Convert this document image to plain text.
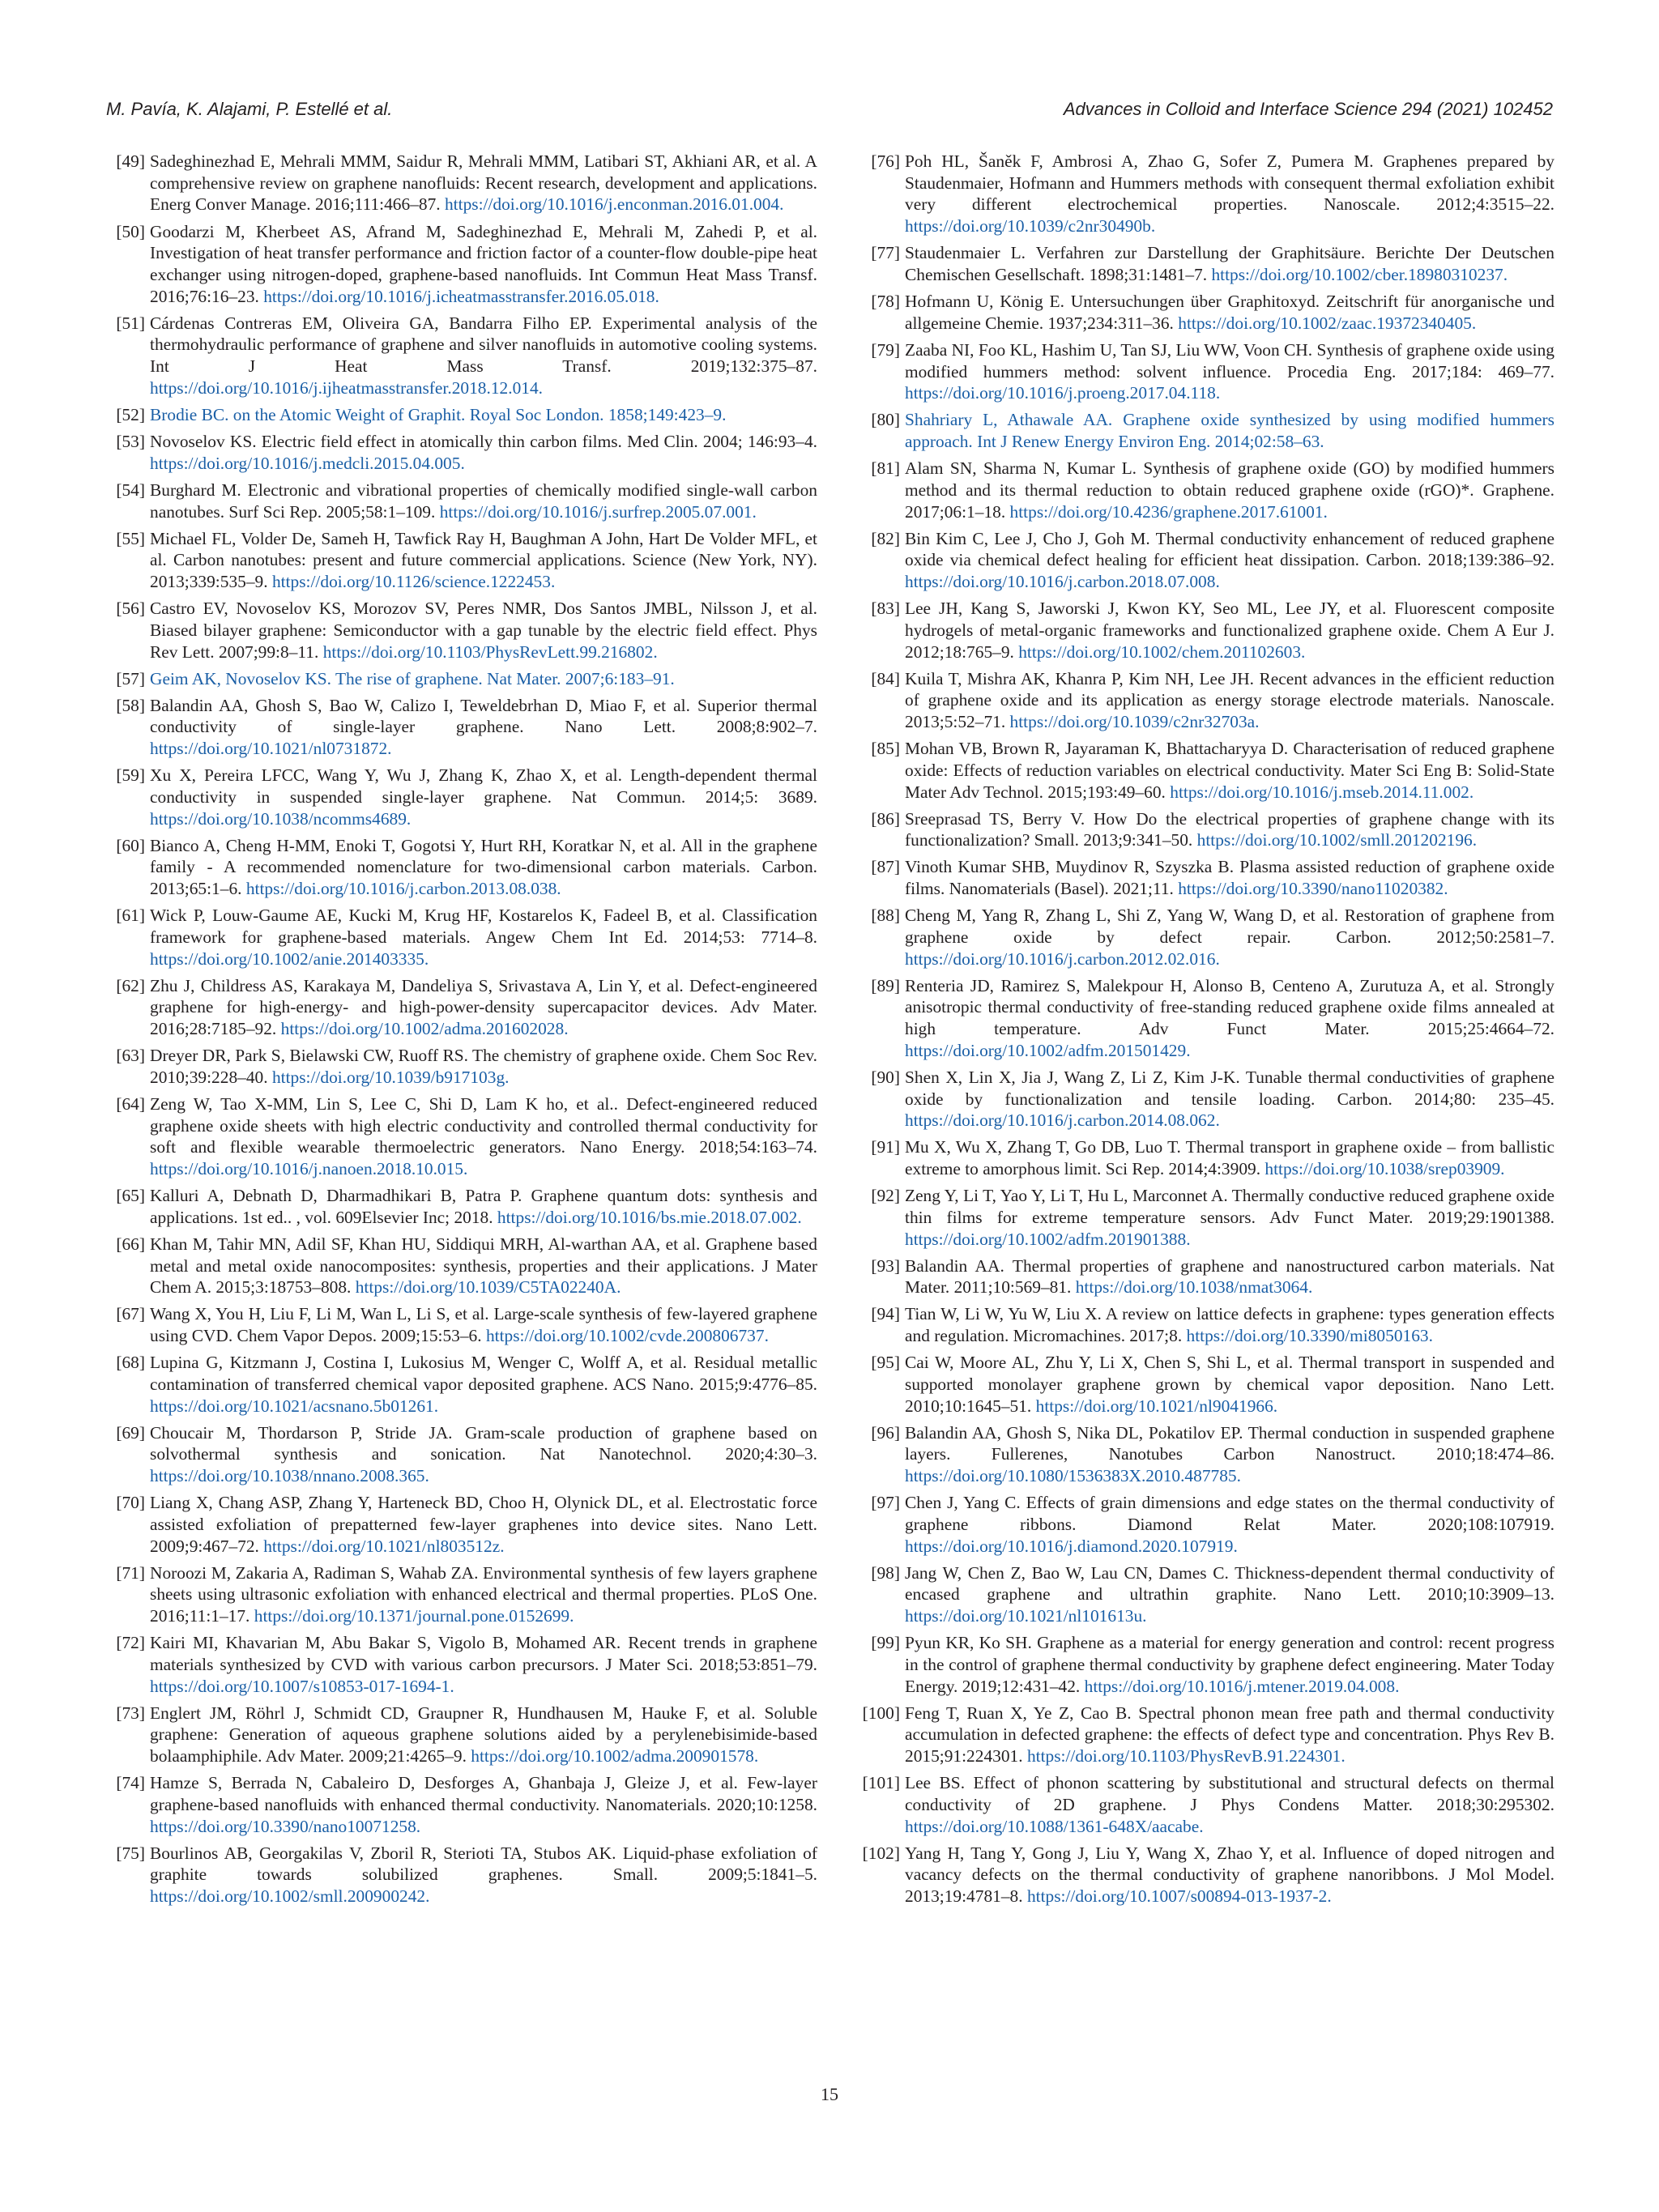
M. Pavía, K. Alajami, P. Estellé et al.	Advances in Colloid and Interface Science 294 (2021) 102452
[49] Sadeghinezhad E, Mehrali MMM, Saidur R, Mehrali MMM, Latibari ST, Akhiani AR, et al. A comprehensive review on graphene nanofluids: Recent research, development and applications. Energ Conver Manage. 2016;111:466–87. https://doi.org/10.1016/j.enconman.2016.01.004.
[50] Goodarzi M, Kherbeet AS, Afrand M, Sadeghinezhad E, Mehrali M, Zahedi P, et al. Investigation of heat transfer performance and friction factor of a counter-flow double-pipe heat exchanger using nitrogen-doped, graphene-based nanofluids. Int Commun Heat Mass Transf. 2016;76:16–23. https://doi.org/10.1016/j.icheatmasstransfer.2016.05.018.
[51] Cárdenas Contreras EM, Oliveira GA, Bandarra Filho EP. Experimental analysis of the thermohydraulic performance of graphene and silver nanofluids in automotive cooling systems. Int J Heat Mass Transf. 2019;132:375–87. https://doi.org/10.1016/j.ijheatmasstransfer.2018.12.014.
[52] Brodie BC. on the Atomic Weight of Graphit. Royal Soc London. 1858;149:423–9.
[53] Novoselov KS. Electric field effect in atomically thin carbon films. Med Clin. 2004; 146:93–4. https://doi.org/10.1016/j.medcli.2015.04.005.
[54] Burghard M. Electronic and vibrational properties of chemically modified single-wall carbon nanotubes. Surf Sci Rep. 2005;58:1–109. https://doi.org/10.1016/j.surfrep.2005.07.001.
[55] Michael FL, Volder De, Sameh H, Tawfick Ray H, Baughman A John, Hart De Volder MFL, et al. Carbon nanotubes: present and future commercial applications. Science (New York, NY). 2013;339:535–9. https://doi.org/10.1126/science.1222453.
[56] Castro EV, Novoselov KS, Morozov SV, Peres NMR, Dos Santos JMBL, Nilsson J, et al. Biased bilayer graphene: Semiconductor with a gap tunable by the electric field effect. Phys Rev Lett. 2007;99:8–11. https://doi.org/10.1103/PhysRevLett.99.216802.
[57] Geim AK, Novoselov KS. The rise of graphene. Nat Mater. 2007;6:183–91.
[58] Balandin AA, Ghosh S, Bao W, Calizo I, Teweldebrhan D, Miao F, et al. Superior thermal conductivity of single-layer graphene. Nano Lett. 2008;8:902–7. https://doi.org/10.1021/nl0731872.
[59] Xu X, Pereira LFCC, Wang Y, Wu J, Zhang K, Zhao X, et al. Length-dependent thermal conductivity in suspended single-layer graphene. Nat Commun. 2014;5: 3689. https://doi.org/10.1038/ncomms4689.
[60] Bianco A, Cheng H-MM, Enoki T, Gogotsi Y, Hurt RH, Koratkar N, et al. All in the graphene family - A recommended nomenclature for two-dimensional carbon materials. Carbon. 2013;65:1–6. https://doi.org/10.1016/j.carbon.2013.08.038.
[61] Wick P, Louw-Gaume AE, Kucki M, Krug HF, Kostarelos K, Fadeel B, et al. Classification framework for graphene-based materials. Angew Chem Int Ed. 2014;53: 7714–8. https://doi.org/10.1002/anie.201403335.
[62] Zhu J, Childress AS, Karakaya M, Dandeliya S, Srivastava A, Lin Y, et al. Defect-engineered graphene for high-energy- and high-power-density supercapacitor devices. Adv Mater. 2016;28:7185–92. https://doi.org/10.1002/adma.201602028.
[63] Dreyer DR, Park S, Bielawski CW, Ruoff RS. The chemistry of graphene oxide. Chem Soc Rev. 2010;39:228–40. https://doi.org/10.1039/b917103g.
[64] Zeng W, Tao X-MM, Lin S, Lee C, Shi D, Lam K ho, et al.. Defect-engineered reduced graphene oxide sheets with high electric conductivity and controlled thermal conductivity for soft and flexible wearable thermoelectric generators. Nano Energy. 2018;54:163–74. https://doi.org/10.1016/j.nanoen.2018.10.015.
[65] Kalluri A, Debnath D, Dharmadhikari B, Patra P. Graphene quantum dots: synthesis and applications. 1st ed.. , vol. 609Elsevier Inc; 2018. https://doi.org/10.1016/bs.mie.2018.07.002.
[66] Khan M, Tahir MN, Adil SF, Khan HU, Siddiqui MRH, Al-warthan AA, et al. Graphene based metal and metal oxide nanocomposites: synthesis, properties and their applications. J Mater Chem A. 2015;3:18753–808. https://doi.org/10.1039/C5TA02240A.
[67] Wang X, You H, Liu F, Li M, Wan L, Li S, et al. Large-scale synthesis of few-layered graphene using CVD. Chem Vapor Depos. 2009;15:53–6. https://doi.org/10.1002/cvde.200806737.
[68] Lupina G, Kitzmann J, Costina I, Lukosius M, Wenger C, Wolff A, et al. Residual metallic contamination of transferred chemical vapor deposited graphene. ACS Nano. 2015;9:4776–85. https://doi.org/10.1021/acsnano.5b01261.
[69] Choucair M, Thordarson P, Stride JA. Gram-scale production of graphene based on solvothermal synthesis and sonication. Nat Nanotechnol. 2020;4:30–3. https://doi.org/10.1038/nnano.2008.365.
[70] Liang X, Chang ASP, Zhang Y, Harteneck BD, Choo H, Olynick DL, et al. Electrostatic force assisted exfoliation of prepatterned few-layer graphenes into device sites. Nano Lett. 2009;9:467–72. https://doi.org/10.1021/nl803512z.
[71] Noroozi M, Zakaria A, Radiman S, Wahab ZA. Environmental synthesis of few layers graphene sheets using ultrasonic exfoliation with enhanced electrical and thermal properties. PLoS One. 2016;11:1–17. https://doi.org/10.1371/journal.pone.0152699.
[72] Kairi MI, Khavarian M, Abu Bakar S, Vigolo B, Mohamed AR. Recent trends in graphene materials synthesized by CVD with various carbon precursors. J Mater Sci. 2018;53:851–79. https://doi.org/10.1007/s10853-017-1694-1.
[73] Englert JM, Röhrl J, Schmidt CD, Graupner R, Hundhausen M, Hauke F, et al. Soluble graphene: Generation of aqueous graphene solutions aided by a perylenebisimide-based bolaamphiphile. Adv Mater. 2009;21:4265–9. https://doi.org/10.1002/adma.200901578.
[74] Hamze S, Berrada N, Cabaleiro D, Desforges A, Ghanbaja J, Gleize J, et al. Few-layer graphene-based nanofluids with enhanced thermal conductivity. Nanomaterials. 2020;10:1258. https://doi.org/10.3390/nano10071258.
[75] Bourlinos AB, Georgakilas V, Zboril R, Sterioti TA, Stubos AK. Liquid-phase exfoliation of graphite towards solubilized graphenes. Small. 2009;5:1841–5. https://doi.org/10.1002/smll.200900242.
[76] Poh HL, Šaněk F, Ambrosi A, Zhao G, Sofer Z, Pumera M. Graphenes prepared by Staudenmaier, Hofmann and Hummers methods with consequent thermal exfoliation exhibit very different electrochemical properties. Nanoscale. 2012;4:3515–22. https://doi.org/10.1039/c2nr30490b.
[77] Staudenmaier L. Verfahren zur Darstellung der Graphitsäure. Berichte Der Deutschen Chemischen Gesellschaft. 1898;31:1481–7. https://doi.org/10.1002/cber.18980310237.
[78] Hofmann U, König E. Untersuchungen über Graphitoxyd. Zeitschrift für anorganische und allgemeine Chemie. 1937;234:311–36. https://doi.org/10.1002/zaac.19372340405.
[79] Zaaba NI, Foo KL, Hashim U, Tan SJ, Liu WW, Voon CH. Synthesis of graphene oxide using modified hummers method: solvent influence. Procedia Eng. 2017;184: 469–77. https://doi.org/10.1016/j.proeng.2017.04.118.
[80] Shahriary L, Athawale AA. Graphene oxide synthesized by using modified hummers approach. Int J Renew Energy Environ Eng. 2014;02:58–63.
[81] Alam SN, Sharma N, Kumar L. Synthesis of graphene oxide (GO) by modified hummers method and its thermal reduction to obtain reduced graphene oxide (rGO)*. Graphene. 2017;06:1–18. https://doi.org/10.4236/graphene.2017.61001.
[82] Bin Kim C, Lee J, Cho J, Goh M. Thermal conductivity enhancement of reduced graphene oxide via chemical defect healing for efficient heat dissipation. Carbon. 2018;139:386–92. https://doi.org/10.1016/j.carbon.2018.07.008.
[83] Lee JH, Kang S, Jaworski J, Kwon KY, Seo ML, Lee JY, et al. Fluorescent composite hydrogels of metal-organic frameworks and functionalized graphene oxide. Chem A Eur J. 2012;18:765–9. https://doi.org/10.1002/chem.201102603.
[84] Kuila T, Mishra AK, Khanra P, Kim NH, Lee JH. Recent advances in the efficient reduction of graphene oxide and its application as energy storage electrode materials. Nanoscale. 2013;5:52–71. https://doi.org/10.1039/c2nr32703a.
[85] Mohan VB, Brown R, Jayaraman K, Bhattacharyya D. Characterisation of reduced graphene oxide: Effects of reduction variables on electrical conductivity. Mater Sci Eng B: Solid-State Mater Adv Technol. 2015;193:49–60. https://doi.org/10.1016/j.mseb.2014.11.002.
[86] Sreeprasad TS, Berry V. How Do the electrical properties of graphene change with its functionalization? Small. 2013;9:341–50. https://doi.org/10.1002/smll.201202196.
[87] Vinoth Kumar SHB, Muydinov R, Szyszka B. Plasma assisted reduction of graphene oxide films. Nanomaterials (Basel). 2021;11. https://doi.org/10.3390/nano11020382.
[88] Cheng M, Yang R, Zhang L, Shi Z, Yang W, Wang D, et al. Restoration of graphene from graphene oxide by defect repair. Carbon. 2012;50:2581–7. https://doi.org/10.1016/j.carbon.2012.02.016.
[89] Renteria JD, Ramirez S, Malekpour H, Alonso B, Centeno A, Zurutuza A, et al. Strongly anisotropic thermal conductivity of free-standing reduced graphene oxide films annealed at high temperature. Adv Funct Mater. 2015;25:4664–72. https://doi.org/10.1002/adfm.201501429.
[90] Shen X, Lin X, Jia J, Wang Z, Li Z, Kim J-K. Tunable thermal conductivities of graphene oxide by functionalization and tensile loading. Carbon. 2014;80: 235–45. https://doi.org/10.1016/j.carbon.2014.08.062.
[91] Mu X, Wu X, Zhang T, Go DB, Luo T. Thermal transport in graphene oxide – from ballistic extreme to amorphous limit. Sci Rep. 2014;4:3909. https://doi.org/10.1038/srep03909.
[92] Zeng Y, Li T, Yao Y, Li T, Hu L, Marconnet A. Thermally conductive reduced graphene oxide thin films for extreme temperature sensors. Adv Funct Mater. 2019;29:1901388. https://doi.org/10.1002/adfm.201901388.
[93] Balandin AA. Thermal properties of graphene and nanostructured carbon materials. Nat Mater. 2011;10:569–81. https://doi.org/10.1038/nmat3064.
[94] Tian W, Li W, Yu W, Liu X. A review on lattice defects in graphene: types generation effects and regulation. Micromachines. 2017;8. https://doi.org/10.3390/mi8050163.
[95] Cai W, Moore AL, Zhu Y, Li X, Chen S, Shi L, et al. Thermal transport in suspended and supported monolayer graphene grown by chemical vapor deposition. Nano Lett. 2010;10:1645–51. https://doi.org/10.1021/nl9041966.
[96] Balandin AA, Ghosh S, Nika DL, Pokatilov EP. Thermal conduction in suspended graphene layers. Fullerenes, Nanotubes Carbon Nanostruct. 2010;18:474–86. https://doi.org/10.1080/1536383X.2010.487785.
[97] Chen J, Yang C. Effects of grain dimensions and edge states on the thermal conductivity of graphene ribbons. Diamond Relat Mater. 2020;108:107919. https://doi.org/10.1016/j.diamond.2020.107919.
[98] Jang W, Chen Z, Bao W, Lau CN, Dames C. Thickness-dependent thermal conductivity of encased graphene and ultrathin graphite. Nano Lett. 2010;10:3909–13. https://doi.org/10.1021/nl101613u.
[99] Pyun KR, Ko SH. Graphene as a material for energy generation and control: recent progress in the control of graphene thermal conductivity by graphene defect engineering. Mater Today Energy. 2019;12:431–42. https://doi.org/10.1016/j.mtener.2019.04.008.
[100] Feng T, Ruan X, Ye Z, Cao B. Spectral phonon mean free path and thermal conductivity accumulation in defected graphene: the effects of defect type and concentration. Phys Rev B. 2015;91:224301. https://doi.org/10.1103/PhysRevB.91.224301.
[101] Lee BS. Effect of phonon scattering by substitutional and structural defects on thermal conductivity of 2D graphene. J Phys Condens Matter. 2018;30:295302. https://doi.org/10.1088/1361-648X/aacabe.
[102] Yang H, Tang Y, Gong J, Liu Y, Wang X, Zhao Y, et al. Influence of doped nitrogen and vacancy defects on the thermal conductivity of graphene nanoribbons. J Mol Model. 2013;19:4781–8. https://doi.org/10.1007/s00894-013-1937-2.
15
